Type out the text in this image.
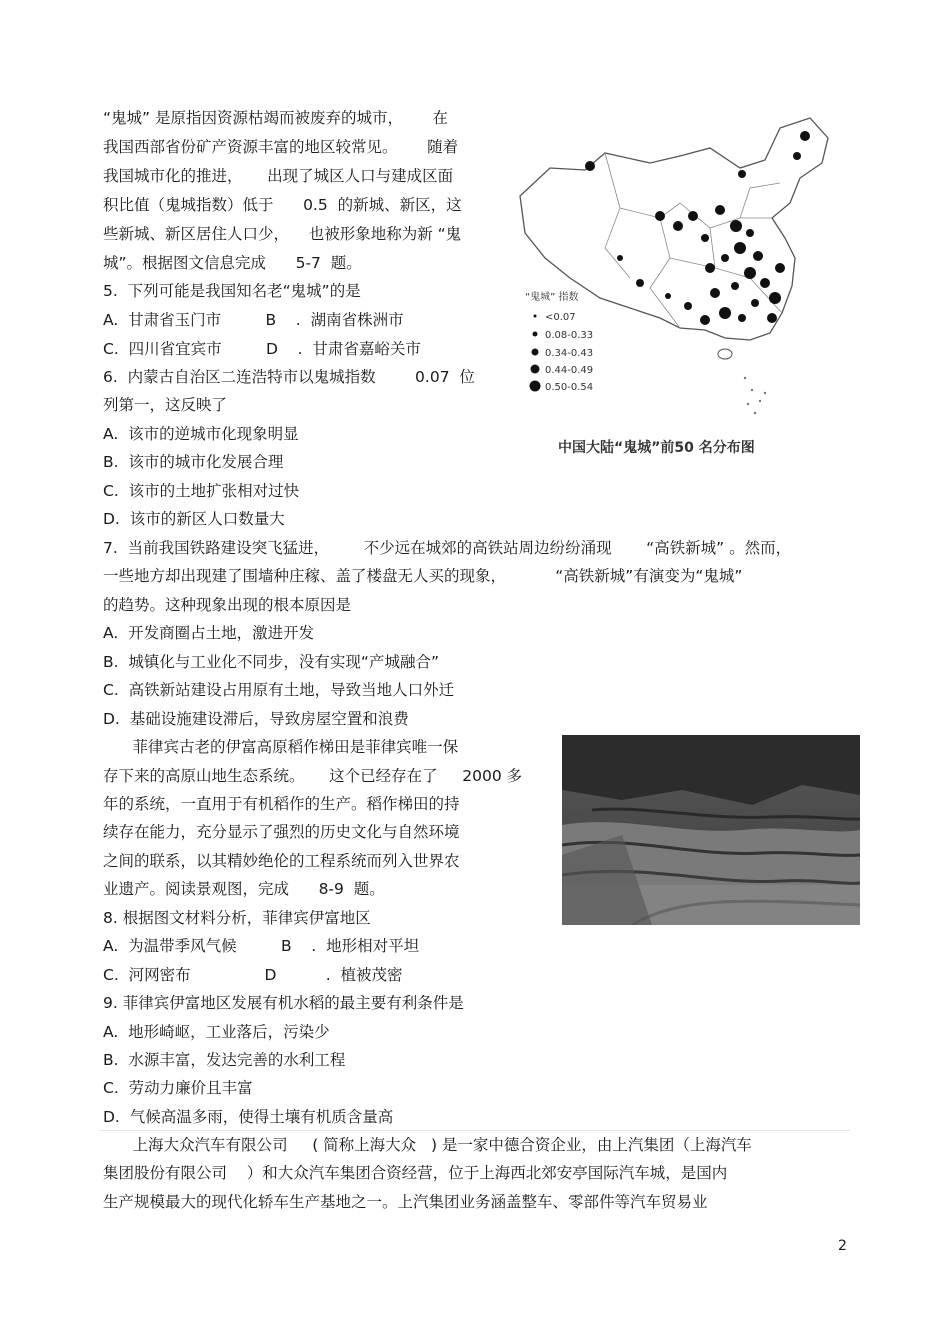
“鬼城” 是原指因资源枯竭而被废弃的城市，      在
我国西部省份矿产资源丰富的地区较常见。      随着
我国城市化的推进，     出现了城区人口与建成区面
积比值（鬼城指数）低于      0.5  的新城、新区，这
些新城、新区居住人口少，    也被形象地称为新 “鬼
城”。根据图文信息完成      5-7  题。
5.  下列可能是我国知名老“鬼城”的是
A.  甘肃省玉门市         B    .  湖南省株洲市
C.  四川省宜宾市         D    .  甘肃省嘉峪关市
6.  内蒙古自治区二连浩特市以鬼城指数        0.07  位
列第一，这反映了
A.  该市的逆城市化现象明显
B.  该市的城市化发展合理
C.  该市的土地扩张相对过快
D.  该市的新区人口数量大
7.  当前我国铁路建设突飞猛进，       不少远在城郊的高铁站周边纷纷涌现       “高铁新城” 。然而，
一些地方却出现建了围墙种庄稼、盖了楼盘无人买的现象，          “高铁新城”有演变为“鬼城”
的趋势。这种现象出现的根本原因是
A.  开发商圈占土地，激进开发
B.  城镇化与工业化不同步，没有实现“产城融合”
C.  高铁新站建设占用原有土地，导致当地人口外迁
D.  基础设施建设滞后，导致房屋空置和浪费
菲律宾古老的伊富高原稻作梯田是菲律宾唯一保
存下来的高原山地生态系统。     这个已经存在了     2000 多
年的系统，一直用于有机稻作的生产。稻作梯田的持
续存在能力，充分显示了强烈的历史文化与自然环境
之间的联系，以其精妙绝伦的工程系统而列入世界农
业遗产。阅读景观图，完成      8-9  题。
8. 根据图文材料分析，菲律宾伊富地区
A.  为温带季风气候         B    .  地形相对平坦
C.  河网密布               D          .  植被茂密
9. 菲律宾伊富地区发展有机水稻的最主要有利条件是
A.  地形崎岖，工业落后，污染少
B.  水源丰富，发达完善的水利工程
C.  劳动力廉价且丰富
D.  气候高温多雨，使得土壤有机质含量高
上海大众汽车有限公司     ( 简称上海大众   ) 是一家中德合资企业，由上汽集团（上海汽车
集团股份有限公司    ）和大众汽车集团合资经营，位于上海西北郊安亭国际汽车城，是国内
生产规模最大的现代化轿车生产基地之一。上汽集团业务涵盖整车、零部件等汽车贸易业
“鬼城” 指数
<0.07
0.08-0.33
0.34-0.43
0.44-0.49
0.50-0.54
中国大陆“鬼城”前50 名分布图
2
